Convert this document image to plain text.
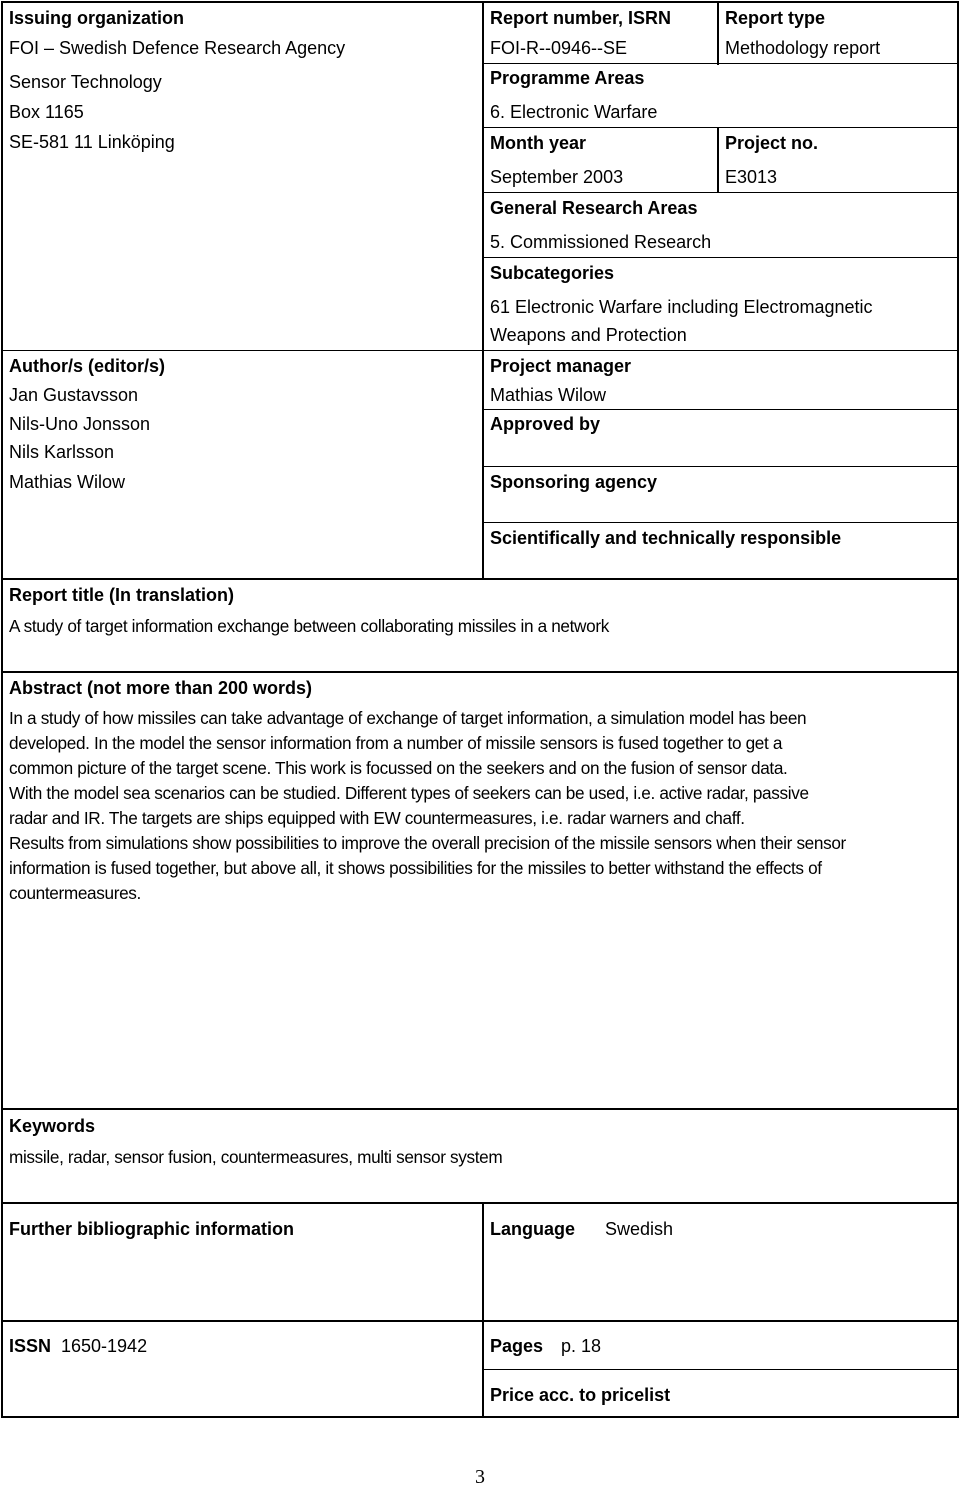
Issuing organization
FOI – Swedish Defence Research Agency
Sensor Technology
Box 1165
SE-581 11 Linköping
Author/s (editor/s)
Jan Gustavsson
Nils-Uno Jonsson
Nils Karlsson
Mathias Wilow
Report number, ISRN
FOI-R--0946--SE
Report type
Methodology report
Programme Areas
6. Electronic Warfare
Month year
September 2003
Project no.
E3013
General Research Areas
5. Commissioned Research
Subcategories
61 Electronic Warfare including Electromagnetic
Weapons and Protection
Project manager
Mathias Wilow
Approved by
Sponsoring agency
Scientifically and technically responsible
Report title (In translation)
A study of target information exchange between collaborating missiles in a network
Abstract (not more than 200 words)

In a study of how missiles can take advantage of exchange of target information, a simulation model has been

developed. In the model the sensor information from a number of missile sensors is fused together to get a

common picture of the target scene. This work is focussed on the seekers and on the fusion of sensor data.

With the model sea scenarios can be studied. Different types of seekers can be used, i.e. active radar, passive

radar and IR. The targets are ships equipped with EW countermeasures, i.e. radar warners and chaff.

Results from simulations show possibilities to improve the overall precision of the missile sensors when their sensor

information is fused together, but above all, it shows possibilities for the missiles to better withstand the effects of

countermeasures.

Keywords
missile, radar, sensor fusion, countermeasures, multi sensor system
Further bibliographic information	Language Swedish
ISSN 1650-1942	Pages p. 18
Price acc. to pricelist
3
